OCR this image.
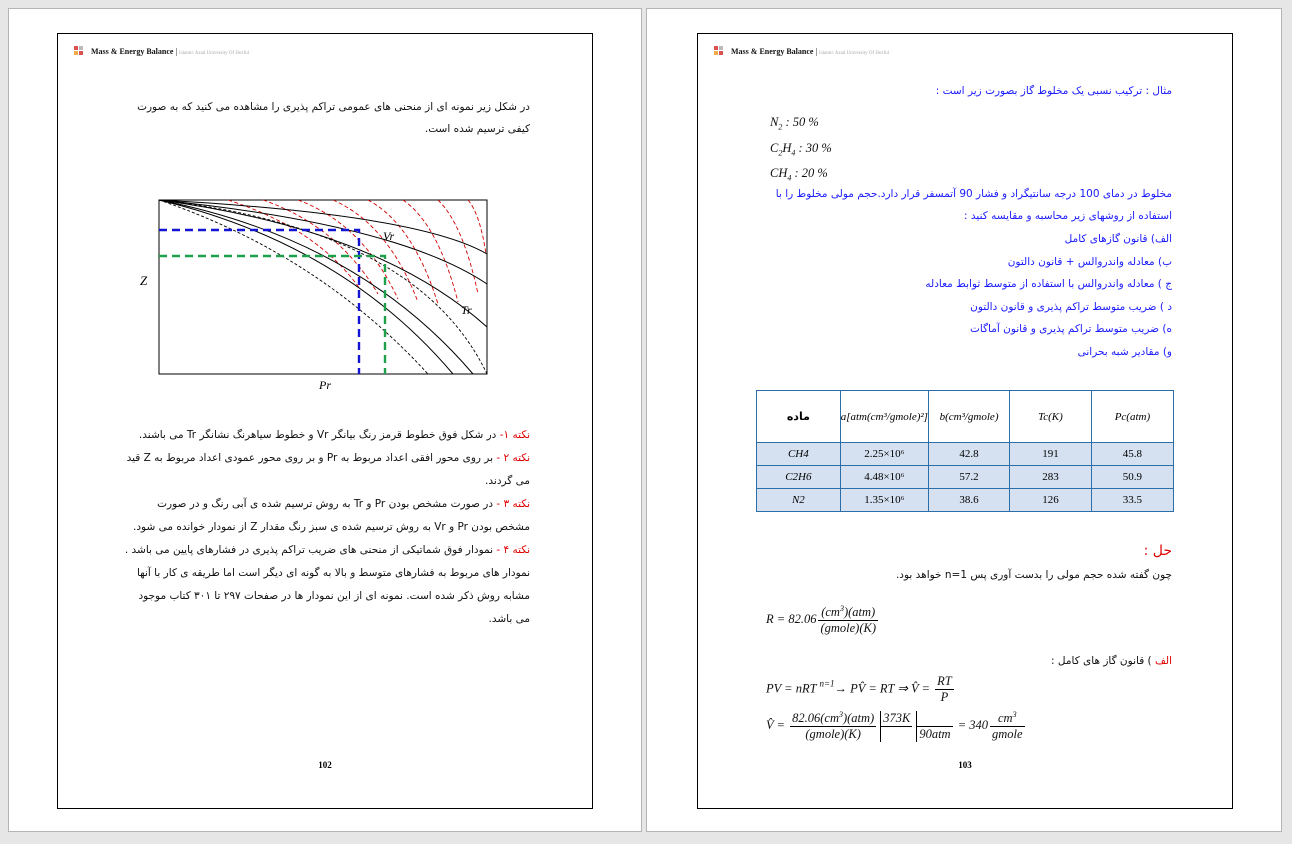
Mass & Energy Balance | Islamic Azad University Of Dezful
در شکل زیر نمونه ای از منحنی های عمومی تراکم پذیری را مشاهده می کنید که به صورت کیفی ترسیم شده است.
Z
Pr
Vr
Tr
نکته ۱- در شکل فوق خطوط قرمز رنگ بیانگر Vr و خطوط سیاهرنگ نشانگر Tr می باشند.
نکته ۲ - بر روی محور افقی اعداد مربوط به Pr و بر روی محور عمودی اعداد مربوط به Z قید می گردند.
نکته ۳ - در صورت مشخص بودن Pr و Tr به روش ترسیم شده ی آبی رنگ و در صورت مشخص بودن Pr و Vr به روش ترسیم شده ی سبز رنگ مقدار Z از نمودار خوانده می شود.
نکته ۴ - نمودار فوق شماتیکی از منحنی های ضریب تراکم پذیری در فشارهای پایین می باشد . نمودار های مربوط به فشارهای متوسط و بالا به گونه ای دیگر است اما طریقه ی کار با آنها مشابه روش ذکر شده است. نمونه ای از این نمودار ها در صفحات ۲۹۷ تا ۳۰۱ کتاب موجود می باشد.
102
Mass & Energy Balance | Islamic Azad University Of Dezful
مثال : ترکیب نسبی یک مخلوط گاز بصورت زیر است :
$N_2$ : 50 %
$C_2H_4$ : 30 %
$CH_4$ : 20 %
مخلوط در دمای 100 درجه سانتیگراد و فشار 90 آتمسفر قرار دارد.حجم مولی مخلوط را با استفاده از روشهای زیر محاسبه و مقایسه کنید :
الف) قانون گازهای کامل
ب) معادله واندروالس + قانون دالتون
ج ) معادله واندروالس با استفاده از متوسط ثوابط معادله
د ) ضریب متوسط تراکم پذیری و قانون دالتون
ه) ضریب متوسط تراکم پذیری و قانون آماگات
و) مقادیر شبه بحرانی
ماده	a[atm(cm³/gmole)²]	b(cm³/gmole)	Tc(K)	Pc(atm)
CH4	2.25×10⁶	42.8	191	45.8
C2H6	4.48×10⁶	57.2	283	50.9
N2	1.35×10⁶	38.6	126	33.5
حل :
چون گفته شده حجم مولی را بدست آوری پس n=1 خواهد بود.
$R = 82.06 \frac{(cm^3)(atm)}{\text{(gmole)(K)}}$
الف ) قانون گاز های کامل :
PV = nRT $^{n=1}$→ PV̂ = RT ⇒ V̂ = $\frac{RT}{P}$
V̂ = $\frac{82.06(cm^3)(atm)}{\text{(gmole)(K)}} 373K$

90atm
= $340 \frac{cm^3}{\text{gmole}}$
103
